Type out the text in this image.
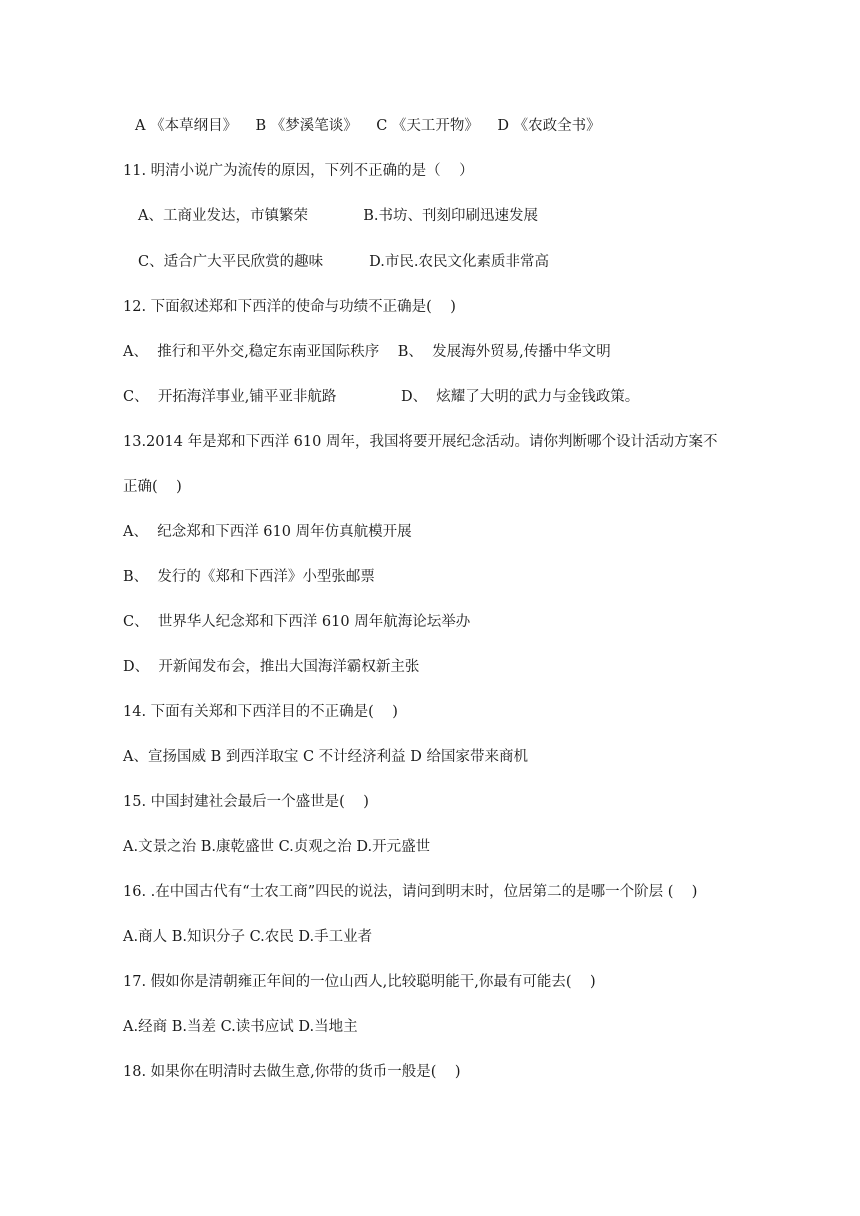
A 《本草纲目》    B 《梦溪笔谈》    C 《天工开物》    D 《农政全书》
11. 明清小说广为流传的原因，下列不正确的是（    ）
A、工商业发达，市镇繁荣            B.书坊、刊刻印刷迅速发展
C、适合广大平民欣赏的趣味          D.市民.农民文化素质非常高
12. 下面叙述郑和下西洋的使命与功绩不正确是(    )
A、  推行和平外交,稳定东南亚国际秩序    B、  发展海外贸易,传播中华文明
C、  开拓海洋事业,铺平亚非航路              D、  炫耀了大明的武力与金钱政策。
13.2014 年是郑和下西洋 610 周年，我国将要开展纪念活动。请你判断哪个设计活动方案不
正确(    )
A、  纪念郑和下西洋 610 周年仿真航模开展
B、  发行的《郑和下西洋》小型张邮票
C、  世界华人纪念郑和下西洋 610 周年航海论坛举办
D、  开新闻发布会，推出大国海洋霸权新主张
14. 下面有关郑和下西洋目的不正确是(    )
A、宣扬国威 B 到西洋取宝 C 不计经济利益 D 给国家带来商机
15. 中国封建社会最后一个盛世是(    )
A.文景之治 B.康乾盛世 C.贞观之治 D.开元盛世
16. .在中国古代有“士农工商”四民的说法，请问到明末时，位居第二的是哪一个阶层 (    )
A.商人 B.知识分子 C.农民 D.手工业者
17. 假如你是清朝雍正年间的一位山西人,比较聪明能干,你最有可能去(    )
A.经商 B.当差 C.读书应试 D.当地主
18. 如果你在明清时去做生意,你带的货币一般是(    )
